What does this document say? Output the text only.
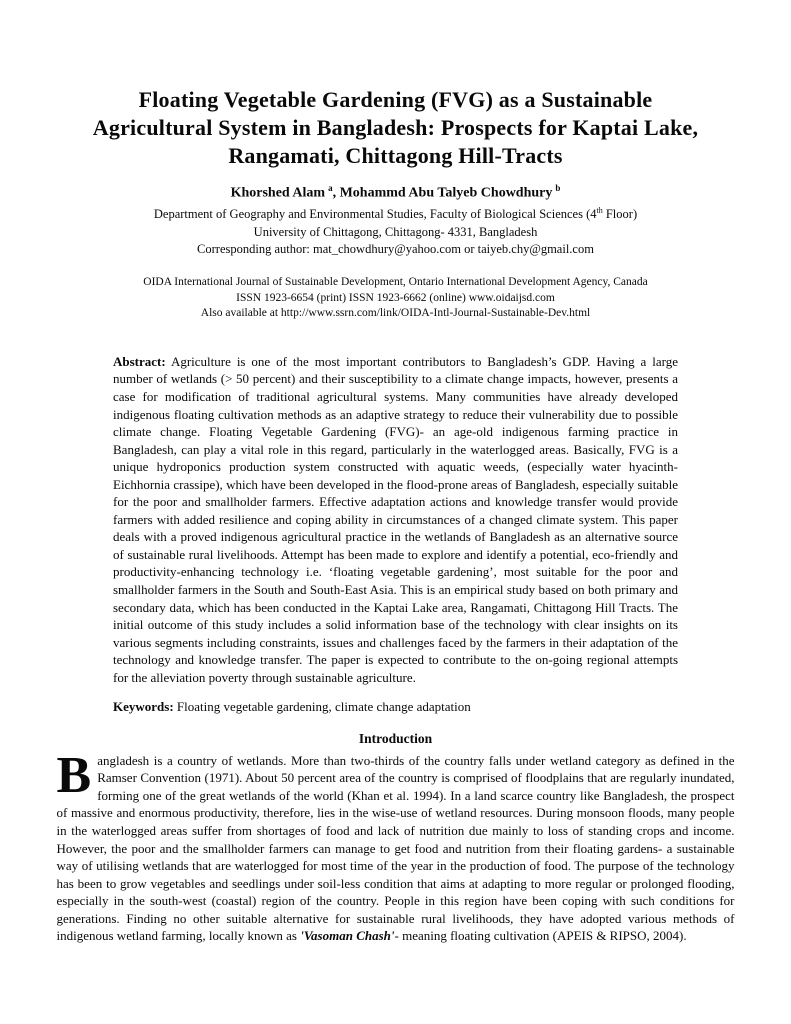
Floating Vegetable Gardening (FVG) as a Sustainable Agricultural System in Bangladesh: Prospects for Kaptai Lake, Rangamati, Chittagong Hill-Tracts
Khorshed Alam $^a$, Mohammd Abu Talyeb Chowdhury $^b$
Department of Geography and Environmental Studies, Faculty of Biological Sciences (4th Floor)
University of Chittagong, Chittagong- 4331, Bangladesh
Corresponding author: mat_chowdhury@yahoo.com or taiyeb.chy@gmail.com
OIDA International Journal of Sustainable Development, Ontario International Development Agency, Canada
ISSN 1923-6654 (print) ISSN 1923-6662 (online) www.oidaijsd.com
Also available at http://www.ssrn.com/link/OIDA-Intl-Journal-Sustainable-Dev.html

Abstract: Agriculture is one of the most important contributors to Bangladesh’s GDP. Having a large number of wetlands (> 50 percent) and their susceptibility to a climate change impacts, however, presents a case for modification of traditional agricultural systems. Many communities have already developed indigenous floating cultivation methods as an adaptive strategy to reduce their vulnerability due to possible climate change. Floating Vegetable Gardening (FVG)- an age-old indigenous farming practice in Bangladesh, can play a vital role in this regard, particularly in the waterlogged areas. Basically, FVG is a unique hydroponics production system constructed with aquatic weeds, (especially water hyacinth- Eichhornia crassipe), which have been developed in the flood-prone areas of Bangladesh, especially suitable for the poor and smallholder farmers. Effective adaptation actions and knowledge transfer would provide farmers with added resilience and coping ability in circumstances of a changed climate system. This paper deals with a proved indigenous agricultural practice in the wetlands of Bangladesh as an alternative source of sustainable rural livelihoods. Attempt has been made to explore and identify a potential, eco-friendly and productivity-enhancing technology i.e. ‘floating vegetable gardening’, most suitable for the poor and smallholder farmers in the South and South-East Asia. This is an empirical study based on both primary and secondary data, which has been conducted in the Kaptai Lake area, Rangamati, Chittagong Hill Tracts. The initial outcome of this study includes a solid information base of the technology with clear insights on its various segments including constraints, issues and challenges faced by the farmers in their adaptation of the technology and knowledge transfer. The paper is expected to contribute to the on-going regional attempts for the alleviation poverty through sustainable agriculture.

Keywords: Floating vegetable gardening, climate change adaptation

Introduction

Bangladesh is a country of wetlands. More than two-thirds of the country falls under wetland category as defined in the Ramser Convention (1971). About 50 percent area of the country is comprised of floodplains that are regularly inundated, forming one of the great wetlands of the world (Khan et al. 1994). In a land scarce country like Bangladesh, the prospect of massive and enormous productivity, therefore, lies in the wise-use of wetland resources. During monsoon floods, many people in the waterlogged areas suffer from shortages of food and lack of nutrition due mainly to loss of standing crops and income. However, the poor and the smallholder farmers can manage to get food and nutrition from their floating gardens- a sustainable way of utilising wetlands that are waterlogged for most time of the year in the production of food. The purpose of the technology has been to grow vegetables and seedlings under soil-less condition that aims at adapting to more regular or prolonged flooding, especially in the south-west (coastal) region of the country. People in this region have been coping with such conditions for generations. Finding no other suitable alternative for sustainable rural livelihoods, they have adopted various methods of indigenous wetland farming, locally known as 'Vasoman Chash'- meaning floating cultivation (APEIS & RIPSO, 2004).
